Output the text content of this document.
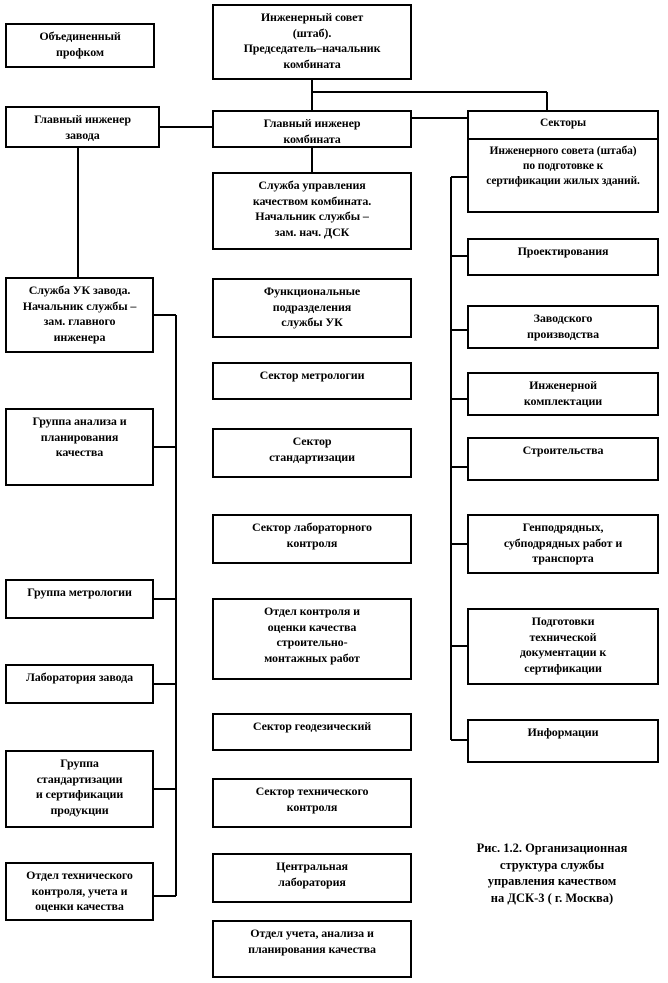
Объединенный
профком
Инженерный совет
(штаб).
Председатель–начальник
комбината
Главный инженер
завода
Главный инженер
комбината
Секторы
Инженерного совета (штаба)
по подготовке к
сертификации жилых зданий.
Служба управления
качеством комбината.
Начальник службы –
зам. нач. ДСК
Функциональные
подразделения
службы УК
Сектор метрологии
Сектор
стандартизации
Сектор лабораторного
контроля
Отдел контроля и
оценки качества
строительно-
монтажных работ
Сектор геодезический
Сектор технического
контроля
Центральная
лаборатория
Отдел учета, анализа и
планирования качества
Служба УК завода.
Начальник службы –
зам. главного
инженера
Группа анализа и
планирования
качества
Группа метрологии
Лаборатория завода
Группа
стандартизации
и сертификации
продукции
Отдел технического
контроля, учета и
оценки качества
Проектирования
Заводского
производства
Инженерной
комплектации
Строительства
Генподрядных,
субподрядных работ и
транспорта
Подготовки
технической
документации к
сертификации
Информации
Рис. 1.2. Организационная
структура службы
управления качеством
на ДСК-3 ( г. Москва)
